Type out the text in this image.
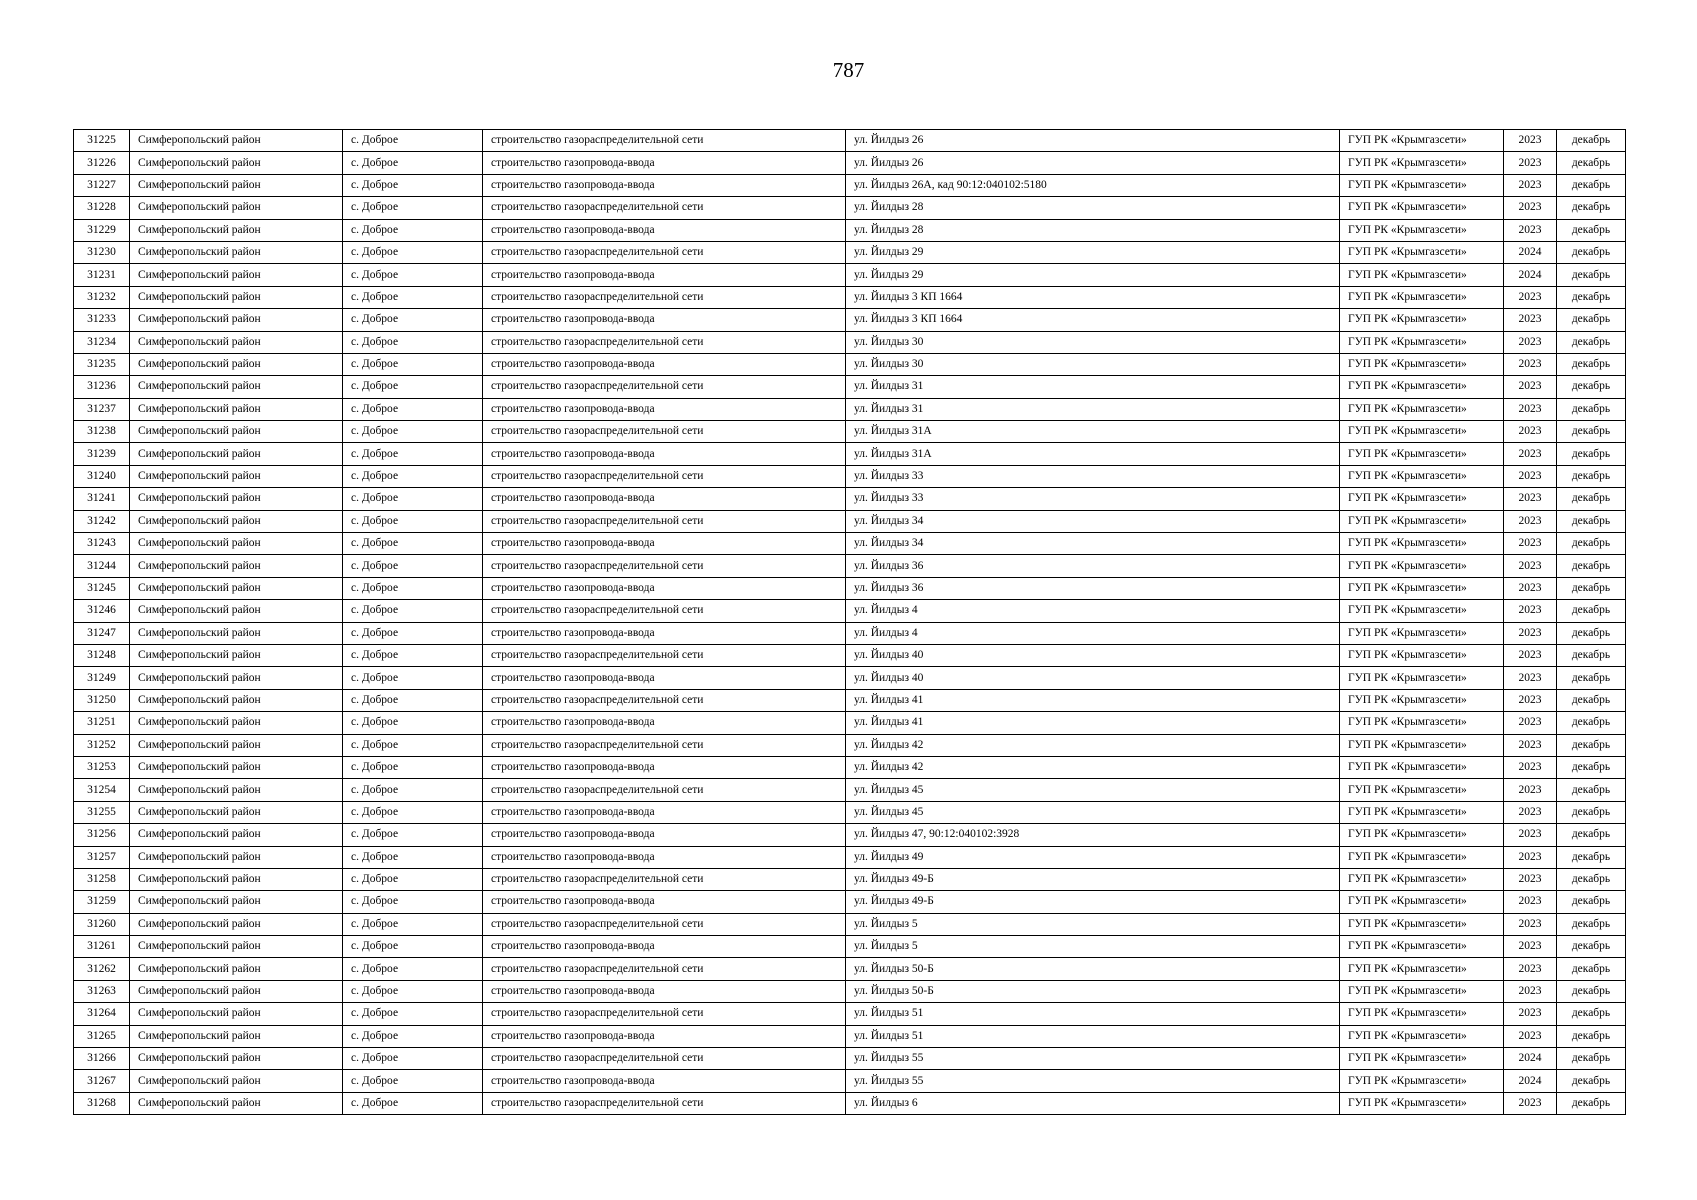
787
31225	Симферопольский район	с. Доброе	строительство газораспределительной сети	ул. Йилдыз 26	ГУП РК «Крымгазсети»	2023	декабрь
31226	Симферопольский район	с. Доброе	строительство газопровода-ввода	ул. Йилдыз 26	ГУП РК «Крымгазсети»	2023	декабрь
31227	Симферопольский район	с. Доброе	строительство газопровода-ввода	ул. Йилдыз 26А, кад 90:12:040102:5180	ГУП РК «Крымгазсети»	2023	декабрь
31228	Симферопольский район	с. Доброе	строительство газораспределительной сети	ул. Йилдыз 28	ГУП РК «Крымгазсети»	2023	декабрь
31229	Симферопольский район	с. Доброе	строительство газопровода-ввода	ул. Йилдыз 28	ГУП РК «Крымгазсети»	2023	декабрь
31230	Симферопольский район	с. Доброе	строительство газораспределительной сети	ул. Йилдыз 29	ГУП РК «Крымгазсети»	2024	декабрь
31231	Симферопольский район	с. Доброе	строительство газопровода-ввода	ул. Йилдыз 29	ГУП РК «Крымгазсети»	2024	декабрь
31232	Симферопольский район	с. Доброе	строительство газораспределительной сети	ул. Йилдыз 3 КП 1664	ГУП РК «Крымгазсети»	2023	декабрь
31233	Симферопольский район	с. Доброе	строительство газопровода-ввода	ул. Йилдыз 3 КП 1664	ГУП РК «Крымгазсети»	2023	декабрь
31234	Симферопольский район	с. Доброе	строительство газораспределительной сети	ул. Йилдыз 30	ГУП РК «Крымгазсети»	2023	декабрь
31235	Симферопольский район	с. Доброе	строительство газопровода-ввода	ул. Йилдыз 30	ГУП РК «Крымгазсети»	2023	декабрь
31236	Симферопольский район	с. Доброе	строительство газораспределительной сети	ул. Йилдыз 31	ГУП РК «Крымгазсети»	2023	декабрь
31237	Симферопольский район	с. Доброе	строительство газопровода-ввода	ул. Йилдыз 31	ГУП РК «Крымгазсети»	2023	декабрь
31238	Симферопольский район	с. Доброе	строительство газораспределительной сети	ул. Йилдыз 31А	ГУП РК «Крымгазсети»	2023	декабрь
31239	Симферопольский район	с. Доброе	строительство газопровода-ввода	ул. Йилдыз 31А	ГУП РК «Крымгазсети»	2023	декабрь
31240	Симферопольский район	с. Доброе	строительство газораспределительной сети	ул. Йилдыз 33	ГУП РК «Крымгазсети»	2023	декабрь
31241	Симферопольский район	с. Доброе	строительство газопровода-ввода	ул. Йилдыз 33	ГУП РК «Крымгазсети»	2023	декабрь
31242	Симферопольский район	с. Доброе	строительство газораспределительной сети	ул. Йилдыз 34	ГУП РК «Крымгазсети»	2023	декабрь
31243	Симферопольский район	с. Доброе	строительство газопровода-ввода	ул. Йилдыз 34	ГУП РК «Крымгазсети»	2023	декабрь
31244	Симферопольский район	с. Доброе	строительство газораспределительной сети	ул. Йилдыз 36	ГУП РК «Крымгазсети»	2023	декабрь
31245	Симферопольский район	с. Доброе	строительство газопровода-ввода	ул. Йилдыз 36	ГУП РК «Крымгазсети»	2023	декабрь
31246	Симферопольский район	с. Доброе	строительство газораспределительной сети	ул. Йилдыз 4	ГУП РК «Крымгазсети»	2023	декабрь
31247	Симферопольский район	с. Доброе	строительство газопровода-ввода	ул. Йилдыз 4	ГУП РК «Крымгазсети»	2023	декабрь
31248	Симферопольский район	с. Доброе	строительство газораспределительной сети	ул. Йилдыз 40	ГУП РК «Крымгазсети»	2023	декабрь
31249	Симферопольский район	с. Доброе	строительство газопровода-ввода	ул. Йилдыз 40	ГУП РК «Крымгазсети»	2023	декабрь
31250	Симферопольский район	с. Доброе	строительство газораспределительной сети	ул. Йилдыз 41	ГУП РК «Крымгазсети»	2023	декабрь
31251	Симферопольский район	с. Доброе	строительство газопровода-ввода	ул. Йилдыз 41	ГУП РК «Крымгазсети»	2023	декабрь
31252	Симферопольский район	с. Доброе	строительство газораспределительной сети	ул. Йилдыз 42	ГУП РК «Крымгазсети»	2023	декабрь
31253	Симферопольский район	с. Доброе	строительство газопровода-ввода	ул. Йилдыз 42	ГУП РК «Крымгазсети»	2023	декабрь
31254	Симферопольский район	с. Доброе	строительство газораспределительной сети	ул. Йилдыз 45	ГУП РК «Крымгазсети»	2023	декабрь
31255	Симферопольский район	с. Доброе	строительство газопровода-ввода	ул. Йилдыз 45	ГУП РК «Крымгазсети»	2023	декабрь
31256	Симферопольский район	с. Доброе	строительство газопровода-ввода	ул. Йилдыз 47, 90:12:040102:3928	ГУП РК «Крымгазсети»	2023	декабрь
31257	Симферопольский район	с. Доброе	строительство газопровода-ввода	ул. Йилдыз 49	ГУП РК «Крымгазсети»	2023	декабрь
31258	Симферопольский район	с. Доброе	строительство газораспределительной сети	ул. Йилдыз 49-Б	ГУП РК «Крымгазсети»	2023	декабрь
31259	Симферопольский район	с. Доброе	строительство газопровода-ввода	ул. Йилдыз 49-Б	ГУП РК «Крымгазсети»	2023	декабрь
31260	Симферопольский район	с. Доброе	строительство газораспределительной сети	ул. Йилдыз 5	ГУП РК «Крымгазсети»	2023	декабрь
31261	Симферопольский район	с. Доброе	строительство газопровода-ввода	ул. Йилдыз 5	ГУП РК «Крымгазсети»	2023	декабрь
31262	Симферопольский район	с. Доброе	строительство газораспределительной сети	ул. Йилдыз 50-Б	ГУП РК «Крымгазсети»	2023	декабрь
31263	Симферопольский район	с. Доброе	строительство газопровода-ввода	ул. Йилдыз 50-Б	ГУП РК «Крымгазсети»	2023	декабрь
31264	Симферопольский район	с. Доброе	строительство газораспределительной сети	ул. Йилдыз 51	ГУП РК «Крымгазсети»	2023	декабрь
31265	Симферопольский район	с. Доброе	строительство газопровода-ввода	ул. Йилдыз 51	ГУП РК «Крымгазсети»	2023	декабрь
31266	Симферопольский район	с. Доброе	строительство газораспределительной сети	ул. Йилдыз 55	ГУП РК «Крымгазсети»	2024	декабрь
31267	Симферопольский район	с. Доброе	строительство газопровода-ввода	ул. Йилдыз 55	ГУП РК «Крымгазсети»	2024	декабрь
31268	Симферопольский район	с. Доброе	строительство газораспределительной сети	ул. Йилдыз 6	ГУП РК «Крымгазсети»	2023	декабрь
